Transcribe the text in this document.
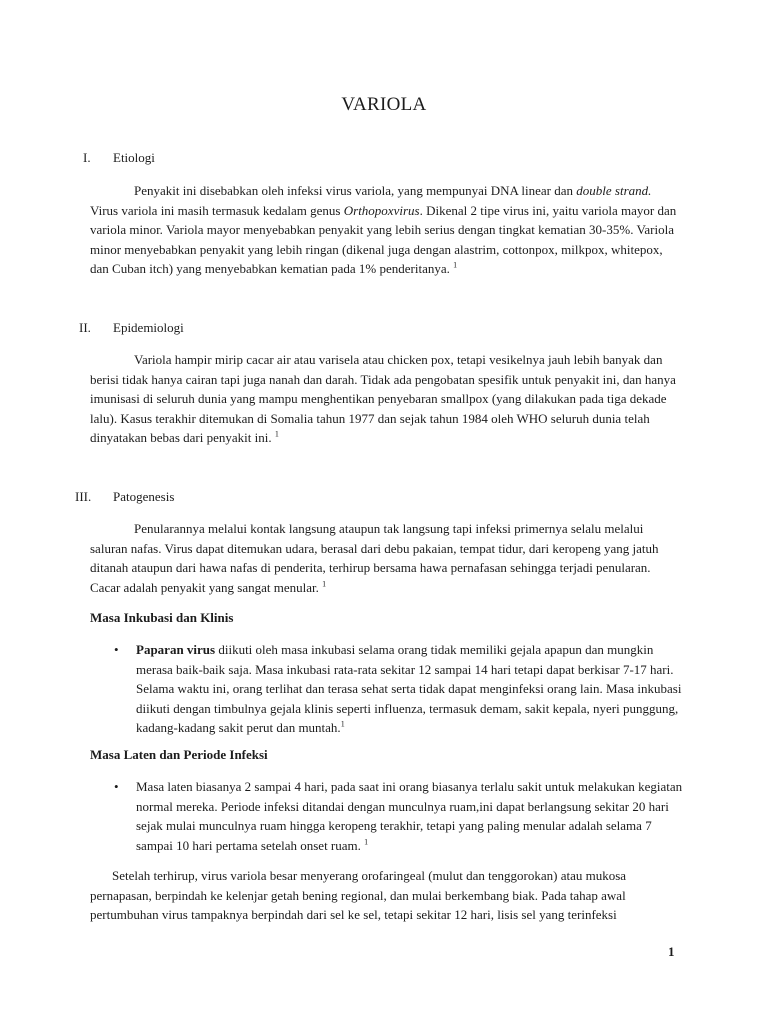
VARIOLA
I. Etiologi

Penyakit ini disebabkan oleh infeksi virus variola, yang mempunyai DNA linear dan double strand. Virus variola ini masih termasuk kedalam genus Orthopoxvirus. Dikenal 2 tipe virus ini, yaitu variola mayor dan variola minor. Variola mayor menyebabkan penyakit yang lebih serius dengan tingkat kematian 30-35%. Variola minor menyebabkan penyakit yang lebih ringan (dikenal juga dengan alastrim, cottonpox, milkpox, whitepox, dan Cuban itch) yang menyebabkan kematian pada 1% penderitanya. $^1$

II. Epidemiologi

Variola hampir mirip cacar air atau varisela atau chicken pox, tetapi vesikelnya jauh lebih banyak dan berisi tidak hanya cairan tapi juga nanah dan darah. Tidak ada pengobatan spesifik untuk penyakit ini, dan hanya imunisasi di seluruh dunia yang mampu menghentikan penyebaran smallpox (yang dilakukan pada tiga dekade lalu). Kasus terakhir ditemukan di Somalia tahun 1977 dan sejak tahun 1984 oleh WHO seluruh dunia telah dinyatakan bebas dari penyakit ini. $^1$

III. Patogenesis

Penularannya melalui kontak langsung ataupun tak langsung tapi infeksi primernya selalu melalui saluran nafas. Virus dapat ditemukan udara, berasal dari debu pakaian, tempat tidur, dari keropeng yang jatuh ditanah ataupun dari hawa nafas di penderita, terhirup bersama hawa pernafasan sehingga terjadi penularan. Cacar adalah penyakit yang sangat menular. $^1$

Masa Inkubasi dan Klinis
• Paparan virus diikuti oleh masa inkubasi selama orang tidak memiliki gejala apapun dan mungkin merasa baik-baik saja. Masa inkubasi rata-rata sekitar 12 sampai 14 hari tetapi dapat berkisar 7-17 hari. Selama waktu ini, orang terlihat dan terasa sehat serta tidak dapat menginfeksi orang lain. Masa inkubasi diikuti dengan timbulnya gejala klinis seperti influenza, termasuk demam, sakit kepala, nyeri punggung, kadang-kadang sakit perut dan muntah.$^1$
Masa Laten dan Periode Infeksi
• Masa laten biasanya 2 sampai 4 hari, pada saat ini orang biasanya terlalu sakit untuk melakukan kegiatan normal mereka. Periode infeksi ditandai dengan munculnya ruam,ini dapat berlangsung sekitar 20 hari sejak mulai munculnya ruam hingga keropeng terakhir, tetapi yang paling menular adalah selama 7 sampai 10 hari pertama setelah onset ruam. $^1$

Setelah terhirup, virus variola besar menyerang orofaringeal (mulut dan tenggorokan) atau mukosa pernapasan, berpindah ke kelenjar getah bening regional, dan mulai berkembang biak. Pada tahap awal pertumbuhan virus tampaknya berpindah dari sel ke sel, tetapi sekitar 12 hari, lisis sel yang terinfeksi

1
